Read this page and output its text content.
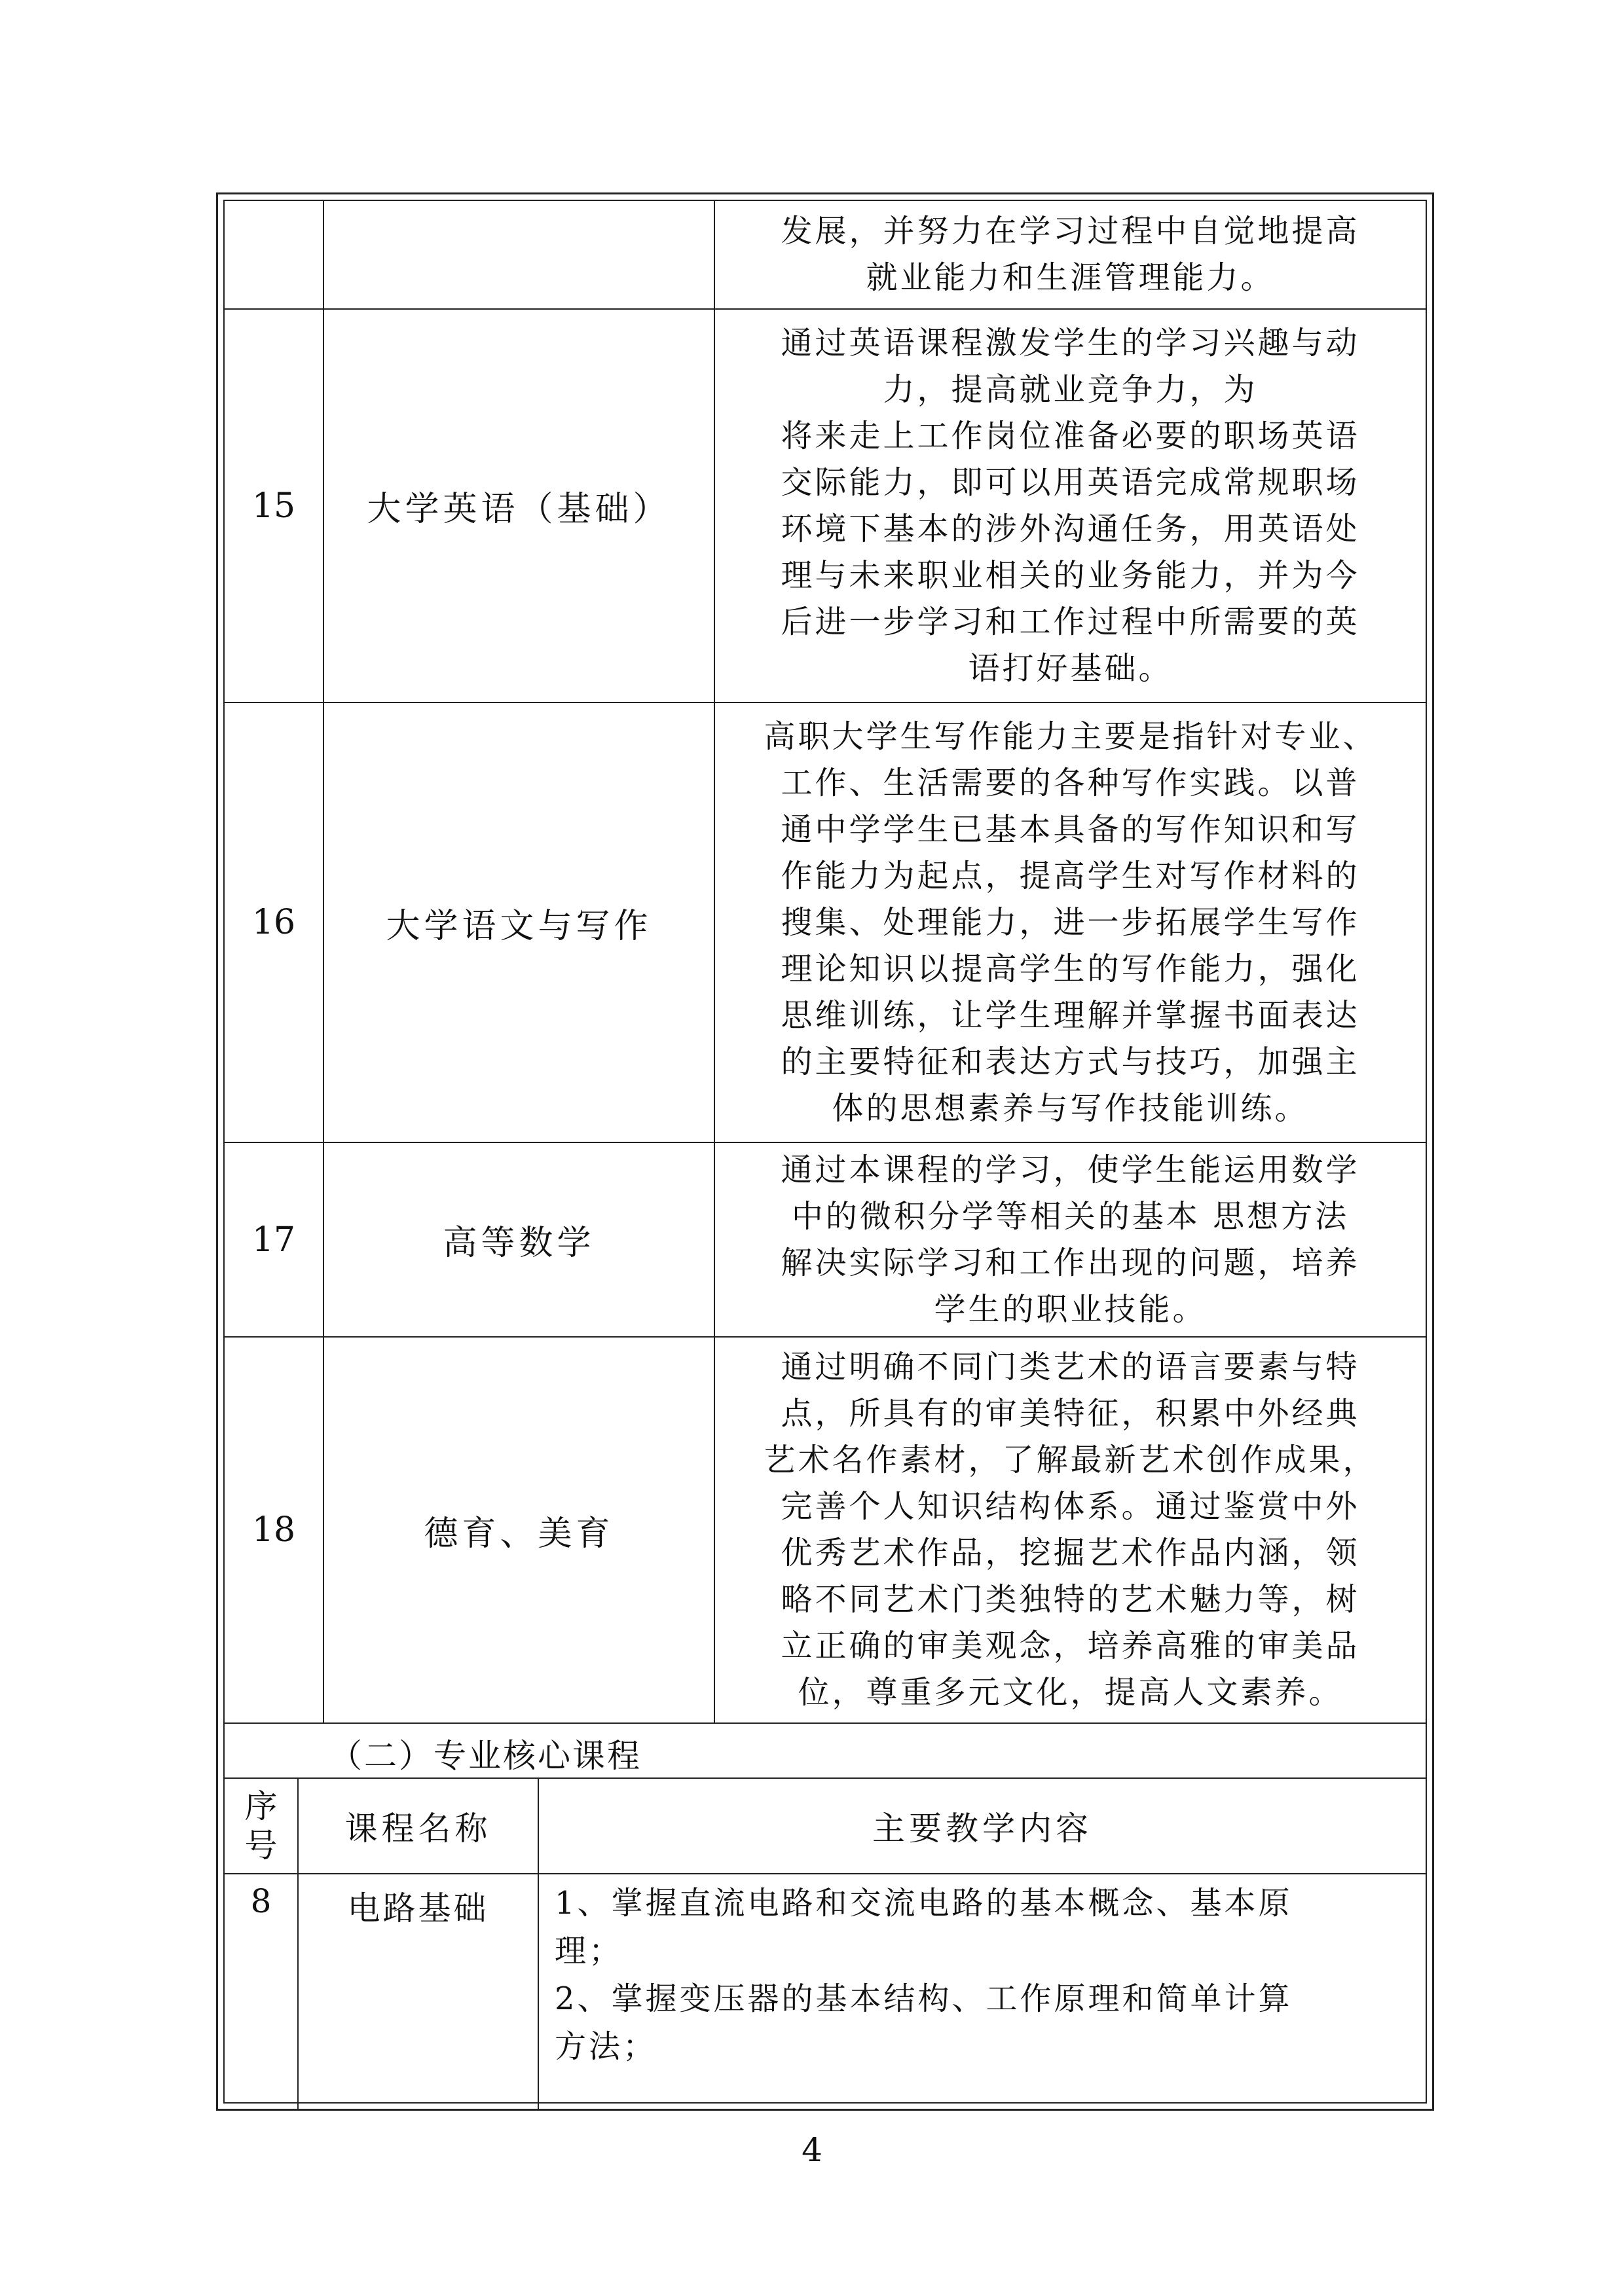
发展，并努力在学习过程中自觉地提高
就业能力和生涯管理能力。
15	大学英语（基础）
通过英语课程激发学生的学习兴趣与动
力，提高就业竞争力，为
将来走上工作岗位准备必要的职场英语
交际能力，即可以用英语完成常规职场
环境下基本的涉外沟通任务，用英语处
理与未来职业相关的业务能力，并为今
后进一步学习和工作过程中所需要的英
语打好基础。
16	大学语文与写作
高职大学生写作能力主要是指针对专业、
工作、生活需要的各种写作实践。以普
通中学学生已基本具备的写作知识和写
作能力为起点，提高学生对写作材料的
搜集、处理能力，进一步拓展学生写作
理论知识以提高学生的写作能力，强化
思维训练，让学生理解并掌握书面表达
的主要特征和表达方式与技巧，加强主
体的思想素养与写作技能训练。
17	高等数学
通过本课程的学习，使学生能运用数学
中的微积分学等相关的基本 思想方法
解决实际学习和工作出现的问题，培养
学生的职业技能。
18	德育、美育
通过明确不同门类艺术的语言要素与特
点，所具有的审美特征，积累中外经典
艺术名作素材，了解最新艺术创作成果，
完善个人知识结构体系。通过鉴赏中外
优秀艺术作品，挖掘艺术作品内涵，领
略不同艺术门类独特的艺术魅力等，树
立正确的审美观念，培养高雅的审美品
位，尊重多元文化，提高人文素养。
（二）专业核心课程
序
号	课程名称	主要教学内容
8	电路基础	1、掌握直流电路和交流电路的基本概念、基本原
理；
2、掌握变压器的基本结构、工作原理和简单计算
方法；
4
